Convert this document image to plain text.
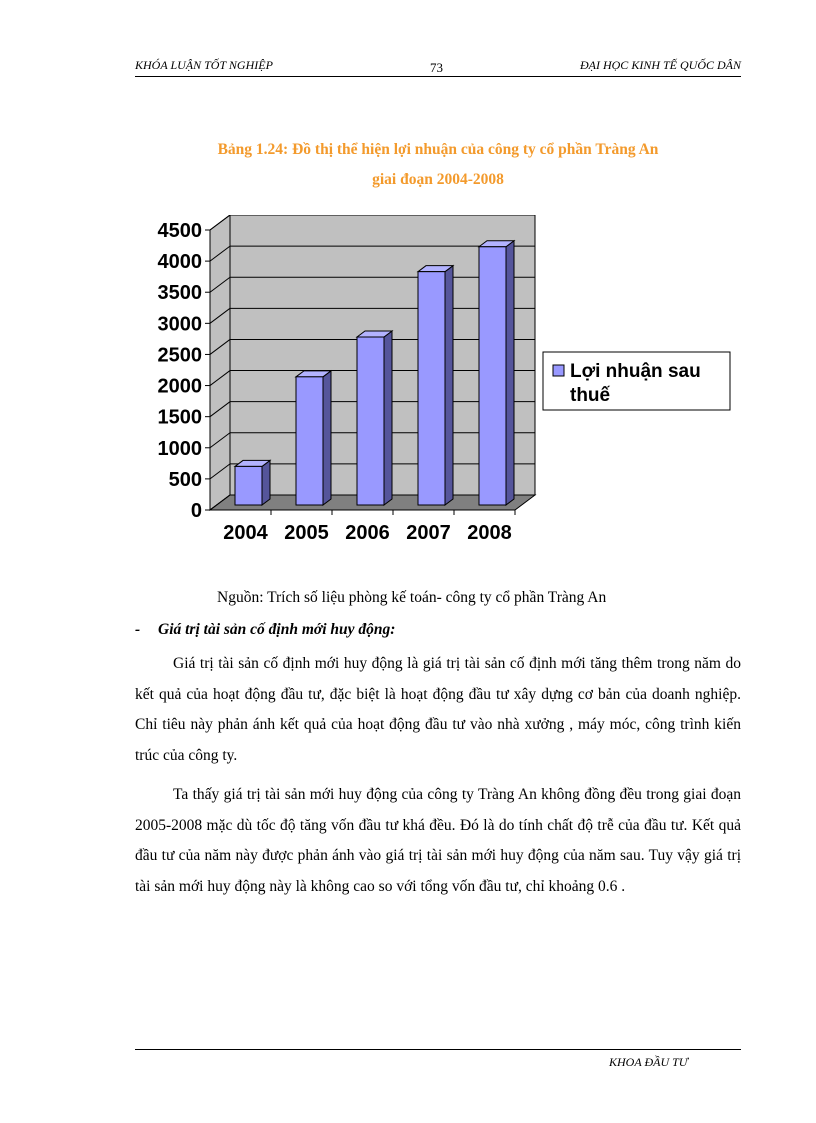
KHÓA LUẬN TỐT NGHIỆP	73	ĐẠI HỌC KINH TẾ QUỐC DÂN
Bảng 1.24: Đồ thị thể hiện lợi nhuận của công ty cổ phần Tràng An
giai đoạn 2004-2008
0
500
1000
1500
2000
2500
3000
3500
4000
4500
2004 2005 2006 2007 2008
Lợi nhuận sau
thuế
Nguồn: Trích số liệu phòng kế toán- công ty cổ phần Tràng An
- Giá trị tài sản cố định mới huy động:

Giá trị tài sản cố định mới huy động là giá trị tài sản cố định mới tăng thêm trong năm do kết quả của hoạt động đầu tư, đặc biệt là hoạt động đầu tư xây dựng cơ bản của doanh nghiệp. Chỉ tiêu này phản ánh kết quả của hoạt động đầu tư vào nhà xưởng , máy móc, công trình kiến trúc của công ty.

Ta thấy giá trị tài sản mới huy động của công ty Tràng An không đồng đều trong giai đoạn 2005-2008 mặc dù tốc độ tăng vốn đầu tư khá đều. Đó là do tính chất độ trễ của đầu tư. Kết quả đầu tư của năm này được phản ánh vào giá trị tài sản mới huy động của năm sau. Tuy vậy giá trị tài sản mới huy động này là không cao so với tổng vốn đầu tư, chỉ khoảng 0.6 .

KHOA ĐẦU TƯ
